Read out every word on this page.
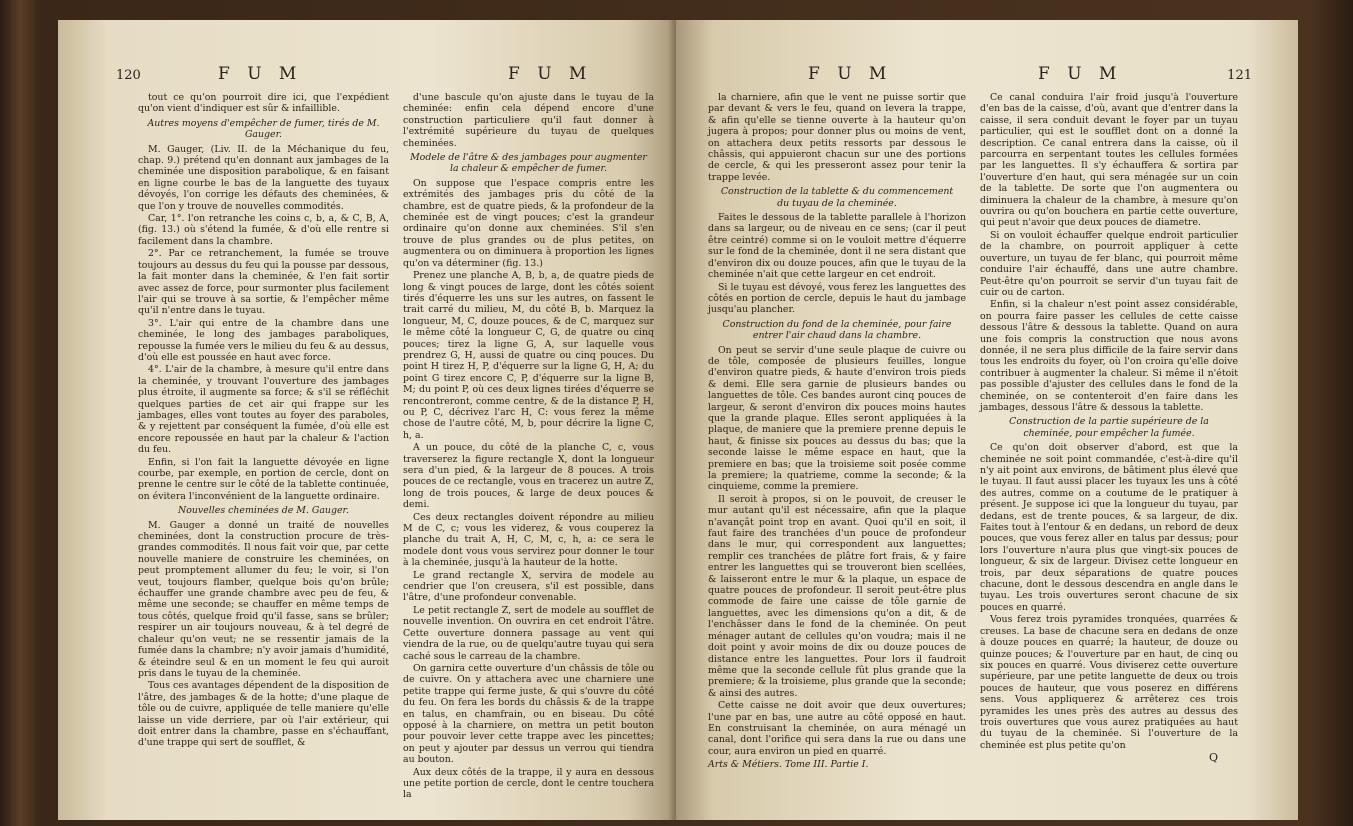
120	F U M	F U M

tout ce qu'on pourroit dire ici, que l'expédient qu'on vient d'indiquer est sûr & infaillible.

Autres moyens d'empêcher de fumer, tirés de M. Gauger.

M. Gauger, (Liv. II. de la Méchanique du feu, chap. 9.) prétend qu'en donnant aux jambages de la cheminée une disposition parabolique, & en faisant en ligne courbe le bas de la languette des tuyaux dévoyés, l'on corrige les défauts des cheminées, & que l'on y trouve de nouvelles commodités.

Car, 1°. l'on retranche les coins c, b, a, & C, B, A, (fig. 13.) où s'étend la fumée, & d'où elle rentre si facilement dans la chambre.

2°. Par ce retranchement, la fumée se trouve toujours au dessus du feu qui la pousse par dessous, la fait monter dans la cheminée, & l'en fait sortir avec assez de force, pour surmonter plus facilement l'air qui se trouve à sa sortie, & l'empêcher même qu'il n'entre dans le tuyau.

3°. L'air qui entre de la chambre dans une cheminée, le long des jambages paraboliques, repousse la fumée vers le milieu du feu & au dessus, d'où elle est poussée en haut avec force.

4°. L'air de la chambre, à mesure qu'il entre dans la cheminée, y trouvant l'ouverture des jambages plus étroite, il augmente sa force; & s'il se réfléchit quelques parties de cet air qui frappe sur les jambages, elles vont toutes au foyer des paraboles, & y rejettent par conséquent la fumée, d'où elle est encore repoussée en haut par la chaleur & l'action du feu.

Enfin, si l'on fait la languette dévoyée en ligne courbe, par exemple, en portion de cercle, dont on prenne le centre sur le côté de la tablette continuée, on évitera l'inconvénient de la languette ordinaire.

Nouvelles cheminées de M. Gauger.

M. Gauger a donné un traité de nouvelles cheminées, dont la construction procure de très-grandes commodités. Il nous fait voir que, par cette nouvelle maniere de construire les cheminées, on peut promptement allumer du feu; le voir, si l'on veut, toujours flamber, quelque bois qu'on brûle; échauffer une grande chambre avec peu de feu, & même une seconde; se chauffer en même temps de tous côtés, quelque froid qu'il fasse, sans se brûler; respirer un air toujours nouveau, & à tel degré de chaleur qu'on veut; ne se ressentir jamais de la fumée dans la chambre; n'y avoir jamais d'humidité, & éteindre seul & en un moment le feu qui auroit pris dans le tuyau de la cheminée.

Tous ces avantages dépendent de la disposition de l'âtre, des jambages & de la hotte; d'une plaque de tôle ou de cuivre, appliquée de telle maniere qu'elle laisse un vide derriere, par où l'air extérieur, qui doit entrer dans la chambre, passe en s'échauffant, d'une trappe qui sert de soufflet, &

d'une bascule qu'on ajuste dans le tuyau de la cheminée: enfin cela dépend encore d'une construction particuliere qu'il faut donner à l'extrémité supérieure du tuyau de quelques cheminées.

Modele de l'âtre & des jambages pour augmenter la chaleur & empêcher de fumer.

On suppose que l'espace compris entre les extrémités des jambages pris du côté de la chambre, est de quatre pieds, & la profondeur de la cheminée est de vingt pouces; c'est la grandeur ordinaire qu'on donne aux cheminées. S'il s'en trouve de plus grandes ou de plus petites, on augmentera ou on diminuera à proportion les lignes qu'on va déterminer (fig. 13.)

Prenez une planche A, B, b, a, de quatre pieds de long & vingt pouces de large, dont les côtés soient tirés d'équerre les uns sur les autres, on fassent le trait carré du milieu, M, du côté B, b. Marquez la longueur, M, C, douze pouces, & de C, marquez sur le même côté la longueur C, G, de quatre ou cinq pouces; tirez la ligne G, A, sur laquelle vous prendrez G, H, aussi de quatre ou cinq pouces. Du point H tirez H, P, d'équerre sur la ligne G, H, A; du point G tirez encore C, P, d'équerre sur la ligne B, M; du point P, où ces deux lignes tirées d'équerre se rencontreront, comme centre, & de la distance P, H, ou P, C, décrivez l'arc H, C: vous ferez la même chose de l'autre côté, M, b, pour décrire la ligne C, h, a.

A un pouce, du côté de la planche C, c, vous traverserez la figure rectangle X, dont la longueur sera d'un pied, & la largeur de 8 pouces. A trois pouces de ce rectangle, vous en tracerez un autre Z, long de trois pouces, & large de deux pouces & demi.

Ces deux rectangles doivent répondre au milieu M de C, c; vous les viderez, & vous couperez la planche du trait A, H, C, M, c, h, a: ce sera le modele dont vous vous servirez pour donner le tour à la cheminée, jusqu'à la hauteur de la hotte.

Le grand rectangle X, servira de modele au cendrier que l'on creusera, s'il est possible, dans l'âtre, d'une profondeur convenable.

Le petit rectangle Z, sert de modele au soufflet de nouvelle invention. On ouvrira en cet endroit l'âtre. Cette ouverture donnera passage au vent qui viendra de la rue, ou de quelqu'autre tuyau qui sera caché sous le carreau de la chambre.

On garnira cette ouverture d'un châssis de tôle ou de cuivre. On y attachera avec une charniere une petite trappe qui ferme juste, & qui s'ouvre du côté du feu. On fera les bords du châssis & de la trappe en talus, en chamfrain, ou en biseau. Du côté opposé à la charniere, on mettra un petit bouton pour pouvoir lever cette trappe avec les pincettes; on peut y ajouter par dessus un verrou qui tiendra au bouton.

Aux deux côtés de la trappe, il y aura en dessous une petite portion de cercle, dont le centre touchera la

F U M	F U M	121

la charniere, afin que le vent ne puisse sortir que par devant & vers le feu, quand on levera la trappe, & afin qu'elle se tienne ouverte à la hauteur qu'on jugera à propos; pour donner plus ou moins de vent, on attachera deux petits ressorts par dessous le châssis, qui appuieront chacun sur une des portions de cercle, & qui les presseront assez pour tenir la trappe levée.

Construction de la tablette & du commencement du tuyau de la cheminée.

Faites le dessous de la tablette parallele à l'horizon dans sa largeur, ou de niveau en ce sens; (car il peut être ceintré) comme si on le vouloit mettre d'équerre sur le fond de la cheminée, dont il ne sera distant que d'environ dix ou douze pouces, afin que le tuyau de la cheminée n'ait que cette largeur en cet endroit.

Si le tuyau est dévoyé, vous ferez les languettes des côtés en portion de cercle, depuis le haut du jambage jusqu'au plancher.

Construction du fond de la cheminée, pour faire entrer l'air chaud dans la chambre.

On peut se servir d'une seule plaque de cuivre ou de tôle, composée de plusieurs feuilles, longue d'environ quatre pieds, & haute d'environ trois pieds & demi. Elle sera garnie de plusieurs bandes ou languettes de tôle. Ces bandes auront cinq pouces de largeur, & seront d'environ dix pouces moins hautes que la grande plaque. Elles seront appliquées à la plaque, de maniere que la premiere prenne depuis le haut, & finisse six pouces au dessus du bas; que la seconde laisse le même espace en haut, que la premiere en bas; que la troisieme soit posée comme la premiere; la quatrieme, comme la seconde; & la cinquieme, comme la premiere.

Il seroit à propos, si on le pouvoit, de creuser le mur autant qu'il est nécessaire, afin que la plaque n'avançât point trop en avant. Quoi qu'il en soit, il faut faire des tranchées d'un pouce de profondeur dans le mur, qui correspondent aux languettes; remplir ces tranchées de plâtre fort frais, & y faire entrer les languettes qui se trouveront bien scellées, & laisseront entre le mur & la plaque, un espace de quatre pouces de profondeur. Il seroit peut-être plus commode de faire une caisse de tôle garnie de languettes, avec les dimensions qu'on a dit, & de l'enchâsser dans le fond de la cheminée. On peut ménager autant de cellules qu'on voudra; mais il ne doit point y avoir moins de dix ou douze pouces de distance entre les languettes. Pour lors il faudroit même que la seconde cellule fût plus grande que la premiere; & la troisieme, plus grande que la seconde; & ainsi des autres.

Cette caisse ne doit avoir que deux ouvertures; l'une par en bas, une autre au côté opposé en haut. En construisant la cheminée, on aura ménagé un canal, dont l'orifice qui sera dans la rue ou dans une cour, aura environ un pied en quarré.

Arts & Métiers. Tome III. Partie I.

Ce canal conduira l'air froid jusqu'à l'ouverture d'en bas de la caisse, d'où, avant que d'entrer dans la caisse, il sera conduit devant le foyer par un tuyau particulier, qui est le soufflet dont on a donné la description. Ce canal entrera dans la caisse, où il parcourra en serpentant toutes les cellules formées par les languettes. Il s'y échauffera & sortira par l'ouverture d'en haut, qui sera ménagée sur un coin de la tablette. De sorte que l'on augmentera ou diminuera la chaleur de la chambre, à mesure qu'on ouvrira ou qu'on bouchera en partie cette ouverture, qui peut n'avoir que deux pouces de diametre.

Si on vouloit échauffer quelque endroit particulier de la chambre, on pourroit appliquer à cette ouverture, un tuyau de fer blanc, qui pourroit même conduire l'air échauffé, dans une autre chambre. Peut-être qu'on pourroit se servir d'un tuyau fait de cuir ou de carton.

Enfin, si la chaleur n'est point assez considérable, on pourra faire passer les cellules de cette caisse dessous l'âtre & dessous la tablette. Quand on aura une fois compris la construction que nous avons donnée, il ne sera plus difficile de la faire servir dans tous les endroits du foyer, où l'on croira qu'elle doive contribuer à augmenter la chaleur. Si même il n'étoit pas possible d'ajuster des cellules dans le fond de la cheminée, on se contenteroit d'en faire dans les jambages, dessous l'âtre & dessous la tablette.

Construction de la partie supérieure de la cheminée, pour empêcher la fumée.

Ce qu'on doit observer d'abord, est que la cheminée ne soit point commandée, c'est-à-dire qu'il n'y ait point aux environs, de bâtiment plus élevé que le tuyau. Il faut aussi placer les tuyaux les uns à côté des autres, comme on a coutume de le pratiquer à présent. Je suppose ici que la longueur du tuyau, par dedans, est de trente pouces, & sa largeur, de dix. Faites tout à l'entour & en dedans, un rebord de deux pouces, que vous ferez aller en talus par dessus; pour lors l'ouverture n'aura plus que vingt-six pouces de longueur, & six de largeur. Divisez cette longueur en trois, par deux séparations de quatre pouces chacune, dont le dessous descendra en angle dans le tuyau. Les trois ouvertures seront chacune de six pouces en quarré.

Vous ferez trois pyramides tronquées, quarrées & creuses. La base de chacune sera en dedans de onze à douze pouces en quarré; la hauteur, de douze ou quinze pouces; & l'ouverture par en haut, de cinq ou six pouces en quarré. Vous diviserez cette ouverture supérieure, par une petite languette de deux ou trois pouces de hauteur, que vous poserez en différens sens. Vous appliquerez & arrêterez ces trois pyramides les unes près des autres au dessus des trois ouvertures que vous aurez pratiquées au haut du tuyau de la cheminée. Si l'ouverture de la cheminée est plus petite qu'on

Q
